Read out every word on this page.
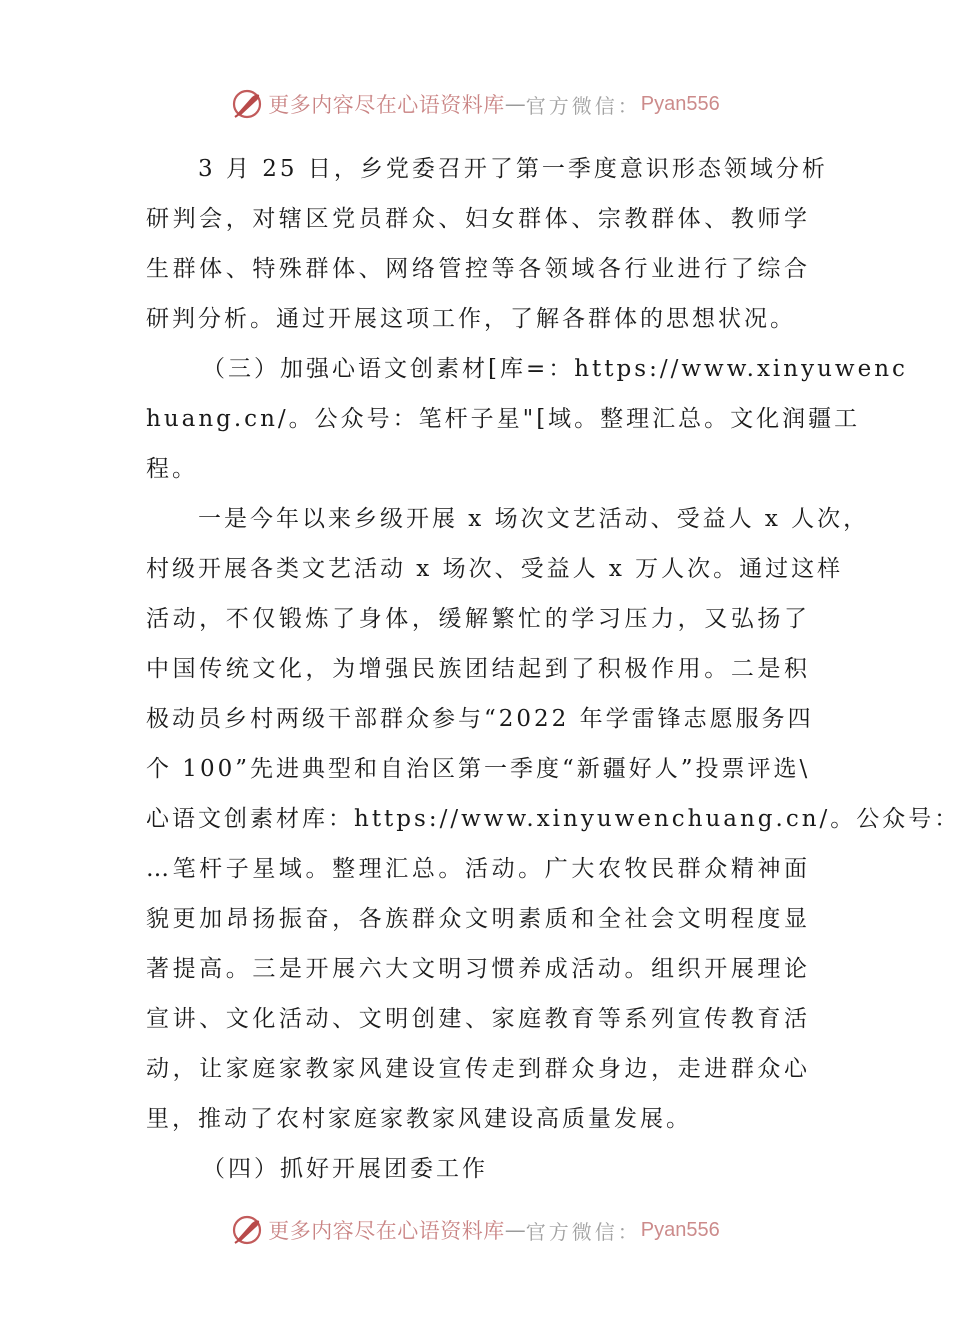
更多内容尽在心语资料库 — 官方微信： Pyan556
3 月 25 日，乡党委召开了第一季度意识形态领域分析
研判会，对辖区党员群众、妇女群体、宗教群体、教师学
生群体、特殊群体、网络管控等各领域各行业进行了综合
研判分析。通过开展这项工作，了解各群体的思想状况。
（三）加强心语文创素材[库=：https://www.xinyuwenc
huang.cn/。公众号：笔杆子星"[域。整理汇总。文化润疆工
程。
一是今年以来乡级开展 x 场次文艺活动、受益人 x 人次，
村级开展各类文艺活动 x 场次、受益人 x 万人次。通过这样
活动，不仅锻炼了身体，缓解繁忙的学习压力，又弘扬了
中国传统文化，为增强民族团结起到了积极作用。二是积
极动员乡村两级干部群众参与“2022 年学雷锋志愿服务四
个 100”先进典型和自治区第一季度“新疆好人”投票评选\
心语文创素材库：https://www.xinyuwenchuang.cn/。公众号：
…笔杆子星域。整理汇总。活动。广大农牧民群众精神面
貌更加昂扬振奋，各族群众文明素质和全社会文明程度显
著提高。三是开展六大文明习惯养成活动。组织开展理论
宣讲、文化活动、文明创建、家庭教育等系列宣传教育活
动，让家庭家教家风建设宣传走到群众身边，走进群众心
里，推动了农村家庭家教家风建设高质量发展。
（四）抓好开展团委工作
更多内容尽在心语资料库 — 官方微信： Pyan556
